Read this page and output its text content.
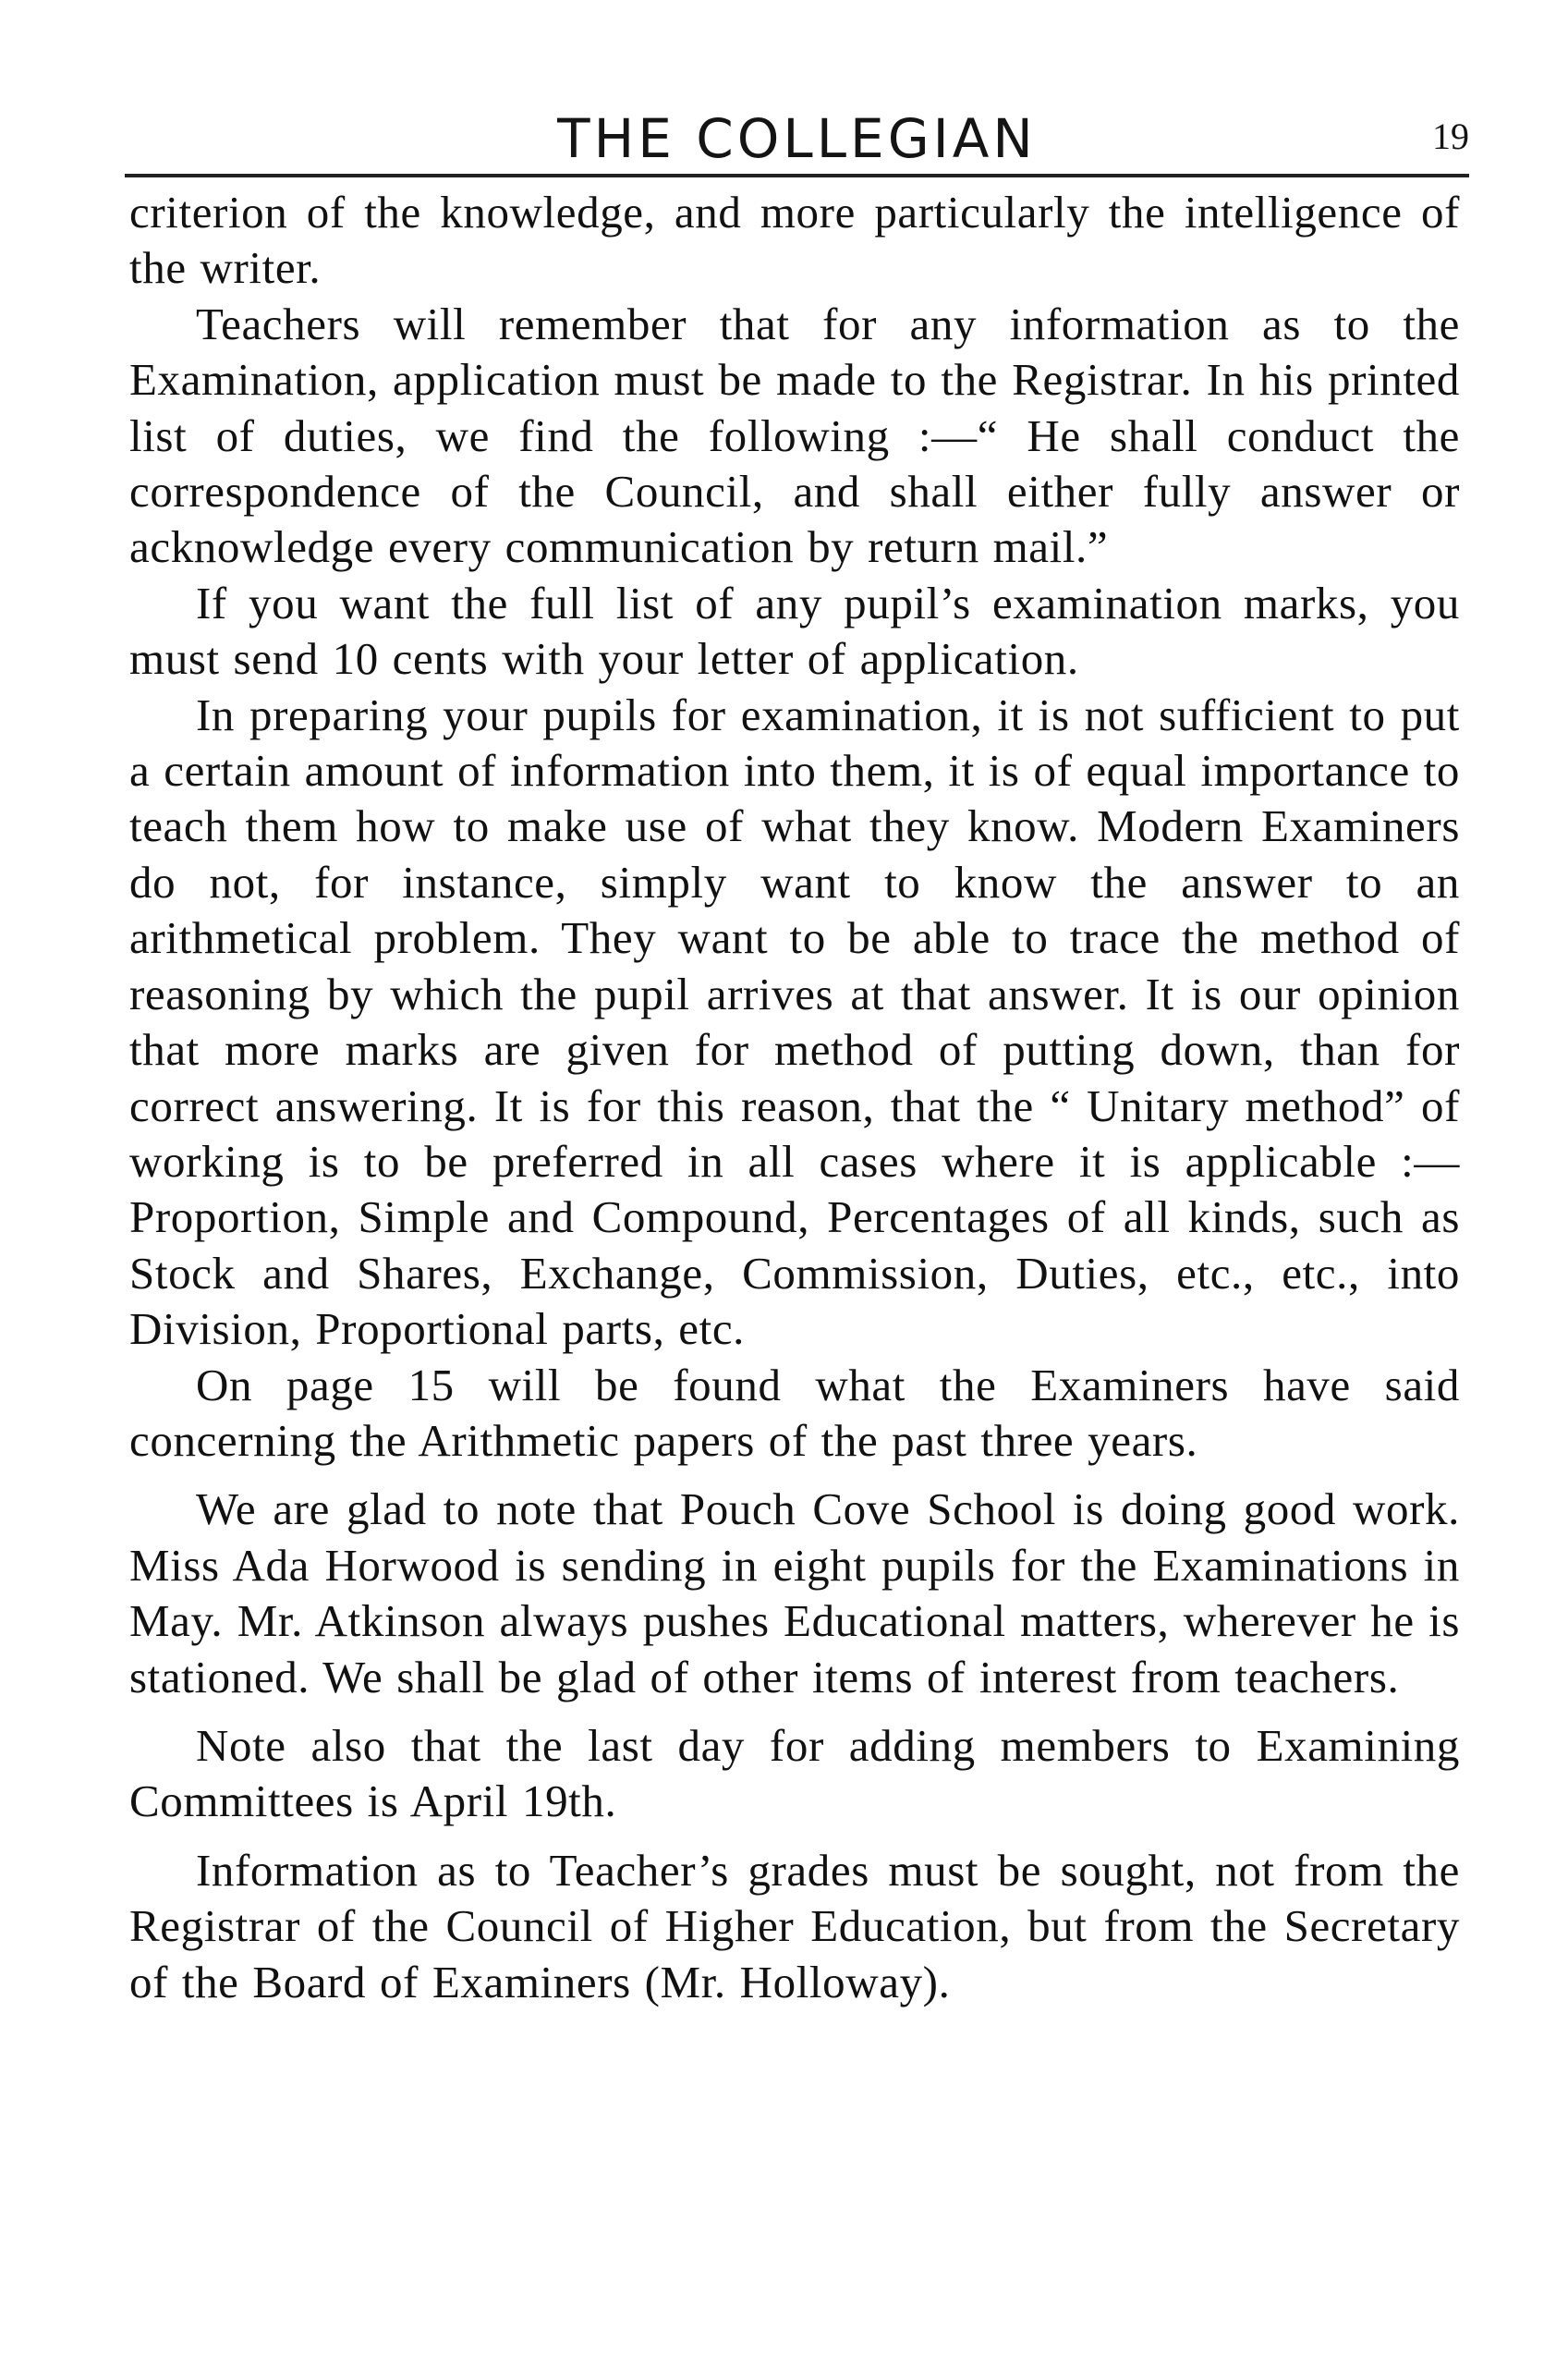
THE COLLEGIAN	19

criterion of the knowledge, and more particularly the intelligence of the writer.

Teachers will remember that for any information as to the Examination, application must be made to the Registrar. In his printed list of duties, we find the following :—“ He shall conduct the correspondence of the Council, and shall either fully answer or acknowledge every communication by return mail.”

If you want the full list of any pupil’s examination marks, you must send 10 cents with your letter of application.

In preparing your pupils for examination, it is not sufficient to put a certain amount of information into them, it is of equal importance to teach them how to make use of what they know. Modern Examiners do not, for instance, simply want to know the answer to an arithmetical problem. They want to be able to trace the method of reasoning by which the pupil arrives at that answer. It is our opinion that more marks are given for method of putting down, than for correct answering. It is for this reason, that the “ Unitary method” of working is to be preferred in all cases where it is applicable :—Proportion, Simple and Compound, Percentages of all kinds, such as Stock and Shares, Exchange, Commission, Duties, etc., etc., into Division, Proportional parts, etc.

On page 15 will be found what the Examiners have said concerning the Arithmetic papers of the past three years.

We are glad to note that Pouch Cove School is doing good work. Miss Ada Horwood is sending in eight pupils for the Examinations in May. Mr. Atkinson always pushes Educational matters, wherever he is stationed. We shall be glad of other items of interest from teachers.

Note also that the last day for adding members to Examining Committees is April 19th.

Information as to Teacher’s grades must be sought, not from the Registrar of the Council of Higher Education, but from the Secretary of the Board of Examiners (Mr. Holloway).
